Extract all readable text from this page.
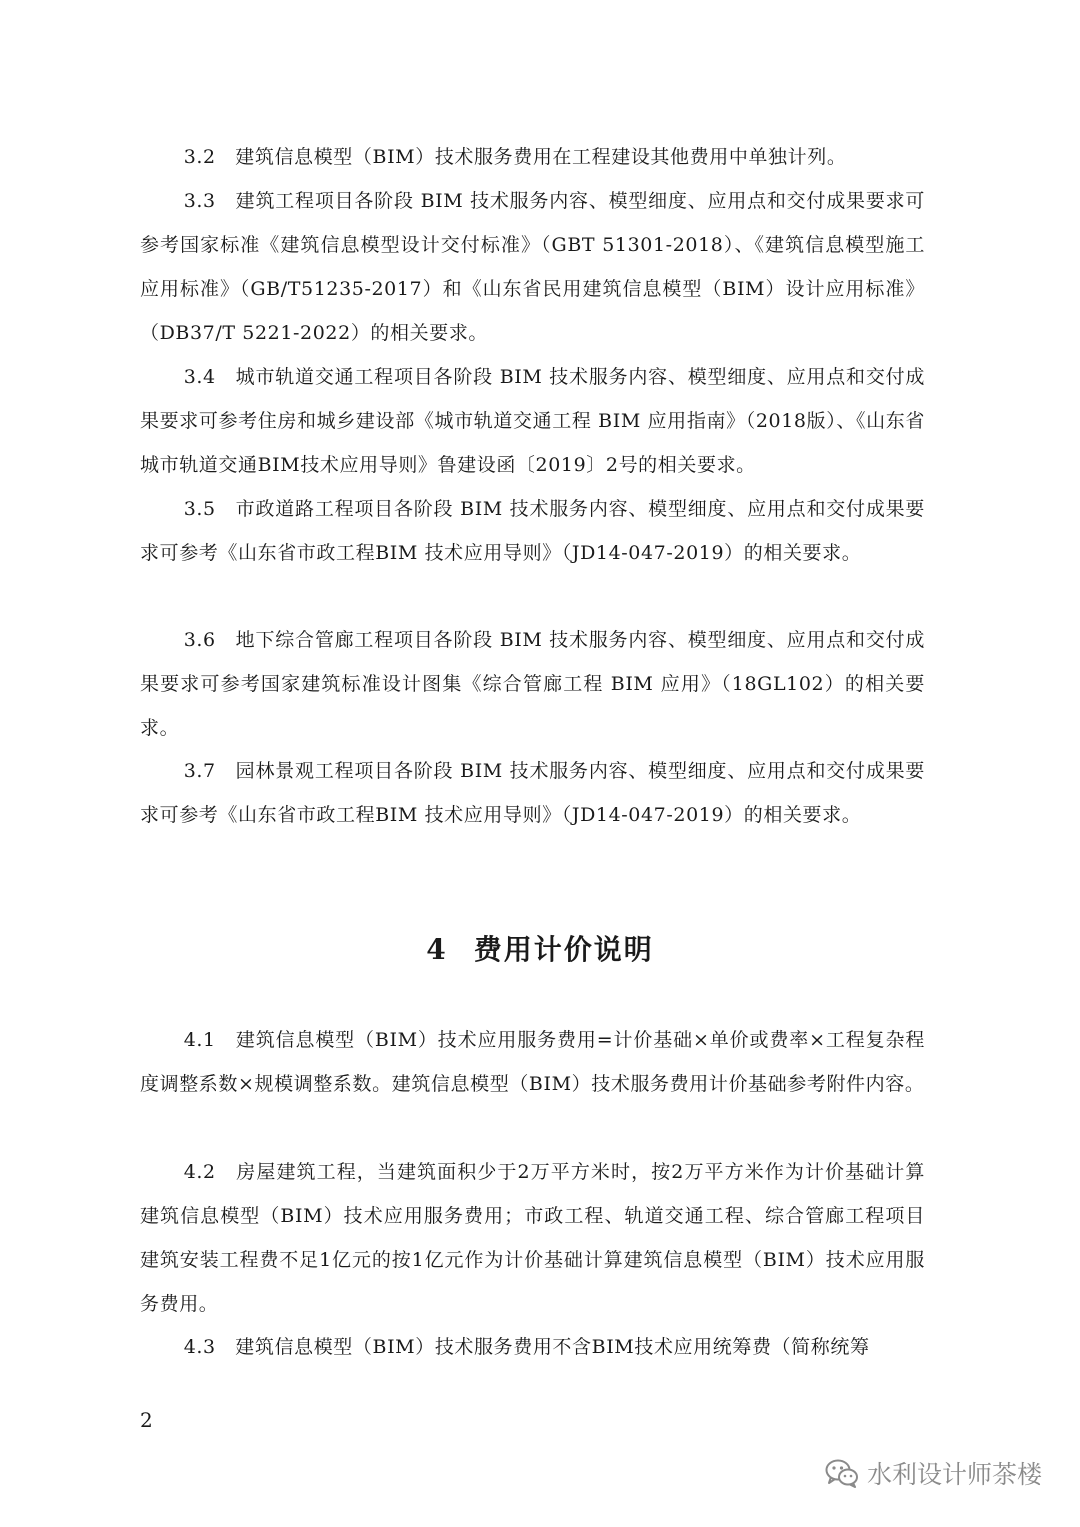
3.2　建筑信息模型（BIM）技术服务费用在工程建设其他费用中单独计列。

3.3　建筑工程项目各阶段 BIM 技术服务内容、模型细度、应用点和交付成果要求可参考国家标准《建筑信息模型设计交付标准》（GBT 51301-2018）、《建筑信息模型施工应用标准》（GB/T51235-2017）和《山东省民用建筑信息模型（BIM）设计应用标准》（DB37/T 5221-2022）的相关要求。

3.4　城市轨道交通工程项目各阶段 BIM 技术服务内容、模型细度、应用点和交付成果要求可参考住房和城乡建设部《城市轨道交通工程 BIM 应用指南》（2018版）、《山东省城市轨道交通BIM技术应用导则》鲁建设函〔2019〕2号的相关要求。

3.5　市政道路工程项目各阶段 BIM 技术服务内容、模型细度、应用点和交付成果要求可参考《山东省市政工程BIM 技术应用导则》（JD14-047-2019）的相关要求。

3.6　地下综合管廊工程项目各阶段 BIM 技术服务内容、模型细度、应用点和交付成果要求可参考国家建筑标准设计图集《综合管廊工程 BIM 应用》（18GL102）的相关要求。

3.7　园林景观工程项目各阶段 BIM 技术服务内容、模型细度、应用点和交付成果要求可参考《山东省市政工程BIM 技术应用导则》（JD14-047-2019）的相关要求。

4 费用计价说明

4.1　建筑信息模型（BIM）技术应用服务费用=计价基础×单价或费率×工程复杂程度调整系数×规模调整系数。建筑信息模型（BIM）技术服务费用计价基础参考附件内容。

4.2　房屋建筑工程，当建筑面积少于2万平方米时，按2万平方米作为计价基础计算建筑信息模型（BIM）技术应用服务费用；市政工程、轨道交通工程、综合管廊工程项目建筑安装工程费不足1亿元的按1亿元作为计价基础计算建筑信息模型（BIM）技术应用服务费用。

4.3　建筑信息模型（BIM）技术服务费用不含BIM技术应用统筹费（简称统筹

2

水利设计师茶楼
